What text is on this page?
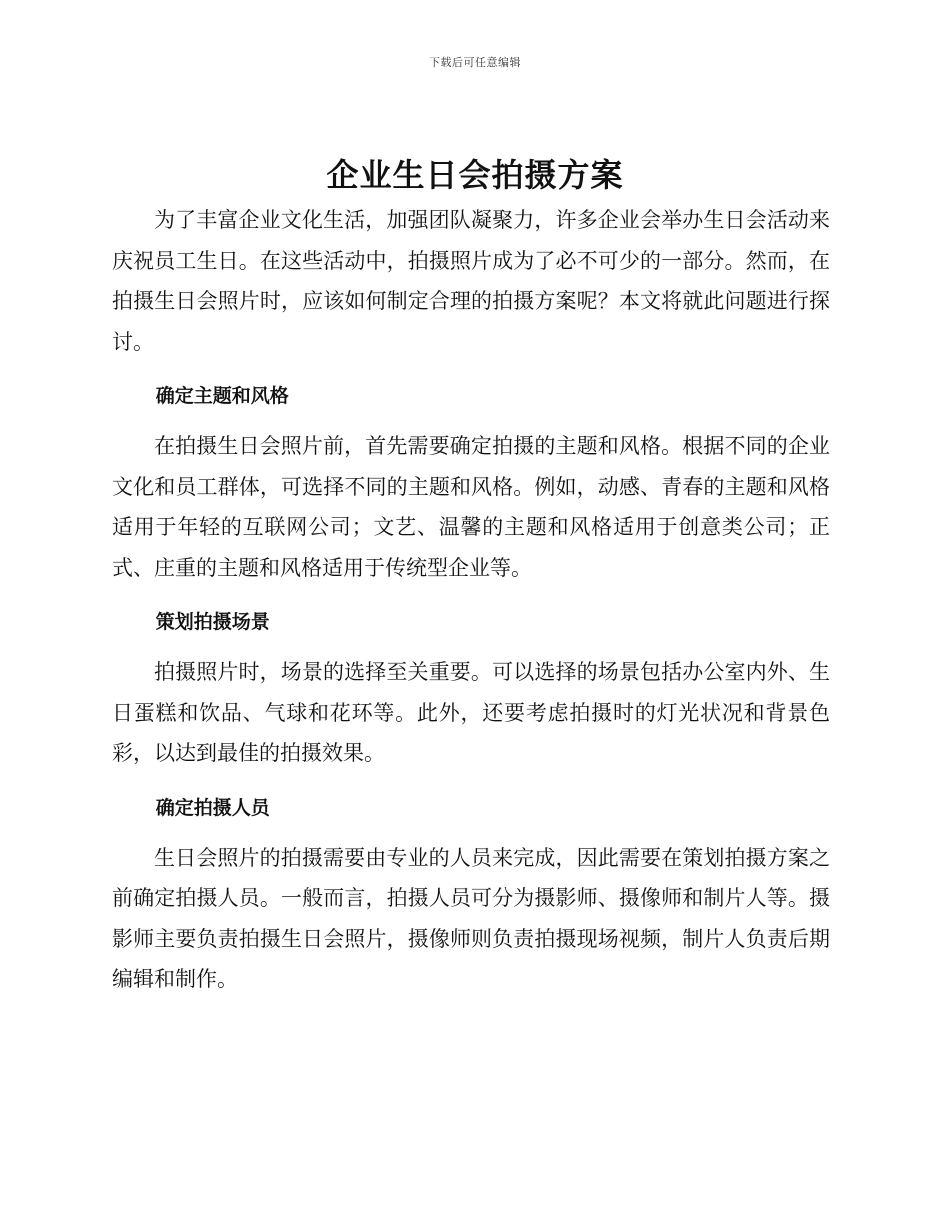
下载后可任意编辑
企业生日会拍摄方案

为了丰富企业文化生活，加强团队凝聚力，许多企业会举办生日会活动来庆祝员工生日。在这些活动中，拍摄照片成为了必不可少的一部分。然而，在拍摄生日会照片时，应该如何制定合理的拍摄方案呢？本文将就此问题进行探讨。

确定主题和风格

在拍摄生日会照片前，首先需要确定拍摄的主题和风格。根据不同的企业文化和员工群体，可选择不同的主题和风格。例如，动感、青春的主题和风格适用于年轻的互联网公司；文艺、温馨的主题和风格适用于创意类公司；正式、庄重的主题和风格适用于传统型企业等。

策划拍摄场景

拍摄照片时，场景的选择至关重要。可以选择的场景包括办公室内外、生日蛋糕和饮品、气球和花环等。此外，还要考虑拍摄时的灯光状况和背景色彩，以达到最佳的拍摄效果。

确定拍摄人员

生日会照片的拍摄需要由专业的人员来完成，因此需要在策划拍摄方案之前确定拍摄人员。一般而言，拍摄人员可分为摄影师、摄像师和制片人等。摄影师主要负责拍摄生日会照片，摄像师则负责拍摄现场视频，制片人负责后期编辑和制作。
